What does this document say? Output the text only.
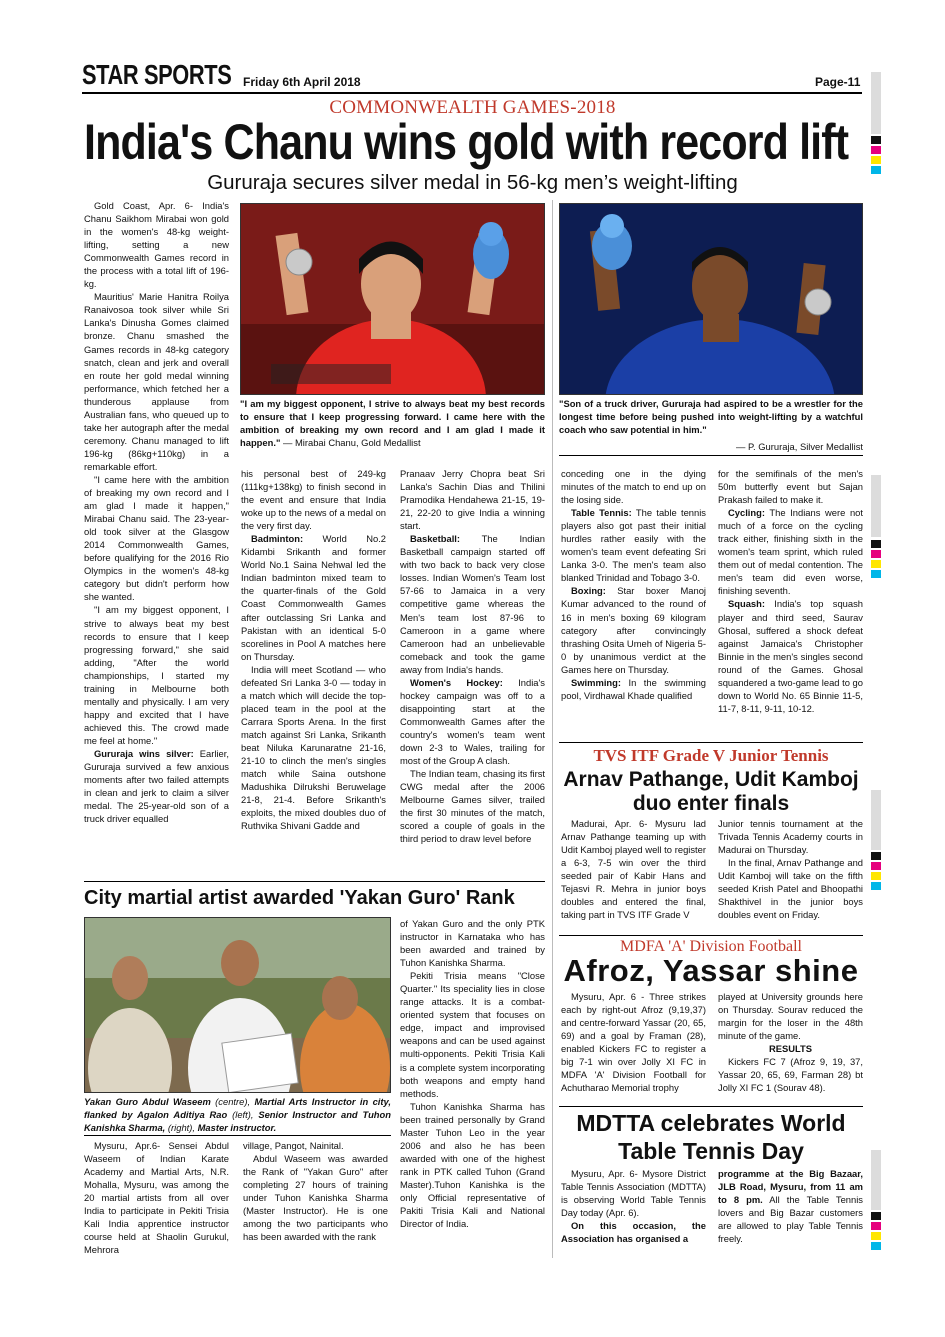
STAR SPORTS Friday 6th April 2018	Page-11
COMMONWEALTH GAMES-2018
India's Chanu wins gold with record lift
Gururaja secures silver medal in 56-kg men’s weight-lifting

Gold Coast, Apr. 6- India's Chanu Saikhom Mirabai won gold in the women's 48-kg weight-lifting, setting a new Commonwealth Games record in the process with a total lift of 196-kg.

Mauritius' Marie Hanitra Roilya Ranaivosoa took silver while Sri Lanka's Dinusha Gomes claimed bronze. Chanu smashed the Games records in 48-kg category snatch, clean and jerk and overall en route her gold medal winning performance, which fetched her a thunderous applause from Australian fans, who queued up to take her autograph after the medal ceremony. Chanu managed to lift 196-kg (86kg+110kg) in a remarkable effort.

"I came here with the ambition of breaking my own record and I am glad I made it happen," Mirabai Chanu said. The 23-year-old took silver at the Glasgow 2014 Commonwealth Games, before qualifying for the 2016 Rio Olympics in the women's 48-kg category but didn't perform how she wanted.

"I am my biggest opponent, I strive to always beat my best records to ensure that I keep progressing forward," she said adding, "After the world championships, I started my training in Melbourne both mentally and physically. I am very happy and excited that I have achieved this. The crowd made me feel at home."

Gururaja wins silver: Earlier, Gururaja survived a few anxious moments after two failed attempts in clean and jerk to claim a silver medal. The 25-year-old son of a truck driver equalled

"I am my biggest opponent, I strive to always beat my best records to ensure that I keep progressing forward. I came here with the ambition of breaking my own record and I am glad I made it happen." — Mirabai Chanu, Gold Medallist
"Son of a truck driver, Gururaja had aspired to be a wrestler for the longest time before being pushed into weight-lifting by a watchful coach who saw potential in him."
— P. Gururaja, Silver Medallist

his personal best of 249-kg (111kg+138kg) to finish second in the event and ensure that India woke up to the news of a medal on the very first day.

Badminton: World No.2 Kidambi Srikanth and former World No.1 Saina Nehwal led the Indian badminton mixed team to the quarter-finals of the Gold Coast Commonwealth Games after outclassing Sri Lanka and Pakistan with an identical 5-0 scorelines in Pool A matches here on Thursday.

India will meet Scotland — who defeated Sri Lanka 3-0 — today in a match which will decide the top-placed team in the pool at the Carrara Sports Arena. In the first match against Sri Lanka, Srikanth beat Niluka Karunaratne 21-16, 21-10 to clinch the men's singles match while Saina outshone Madushika Dilrukshi Beruwelage 21-8, 21-4. Before Srikanth's exploits, the mixed doubles duo of Ruthvika Shivani Gadde and

Pranaav Jerry Chopra beat Sri Lanka's Sachin Dias and Thilini Pramodika Hendahewa 21-15, 19-21, 22-20 to give India a winning start.

Basketball: The Indian Basketball campaign started off with two back to back very close losses. Indian Women's Team lost 57-66 to Jamaica in a very competitive game whereas the Men's team lost 87-96 to Cameroon in a game where Cameroon had an unbelievable comeback and took the game away from India's hands.

Women's Hockey: India's hockey campaign was off to a disappointing start at the Commonwealth Games after the country's women's team went down 2-3 to Wales, trailing for most of the Group A clash.

The Indian team, chasing its first CWG medal after the 2006 Melbourne Games silver, trailed the first 30 minutes of the match, scored a couple of goals in the third period to draw level before

conceding one in the dying minutes of the match to end up on the losing side.

Table Tennis: The table tennis players also got past their initial hurdles rather easily with the women's team event defeating Sri Lanka 3-0. The men's team also blanked Trinidad and Tobago 3-0.

Boxing: Star boxer Manoj Kumar advanced to the round of 16 in men's boxing 69 kilogram category after convincingly thrashing Osita Umeh of Nigeria 5-0 by unanimous verdict at the Games here on Thursday.

Swimming: In the swimming pool, Virdhawal Khade qualified

for the semifinals of the men's 50m butterfly event but Sajan Prakash failed to make it.

Cycling: The Indians were not much of a force on the cycling track either, finishing sixth in the women's team sprint, which ruled them out of medal contention. The men's team did even worse, finishing seventh.

Squash: India's top squash player and third seed, Saurav Ghosal, suffered a shock defeat against Jamaica's Christopher Binnie in the men's singles second round of the Games. Ghosal squandered a two-game lead to go down to World No. 65 Binnie 11-5, 11-7, 8-11, 9-11, 10-12.

TVS ITF Grade V Junior Tennis
Arnav Pathange, Udit Kamboj
duo enter finals

Madurai, Apr. 6- Mysuru lad Arnav Pathange teaming up with Udit Kamboj played well to register a 6-3, 7-5 win over the third seeded pair of Kabir Hans and Tejasvi R. Mehra in junior boys doubles and entered the final, taking part in TVS ITF Grade V

Junior tennis tournament at the Trivada Tennis Academy courts in Madurai on Thursday.

In the final, Arnav Pathange and Udit Kamboj will take on the fifth seeded Krish Patel and Bhoopathi Shakthivel in the junior boys doubles event on Friday.

City martial artist awarded 'Yakan Guro' Rank
Yakan Guro Abdul Waseem (centre), Martial Arts Instructor in city, flanked by Agalon Aditiya Rao (left), Senior Instructor and Tuhon Kanishka Sharma, (right), Master instructor.

Mysuru, Apr.6- Sensei Abdul Waseem of Indian Karate Academy and Martial Arts, N.R. Mohalla, Mysuru, was among the 20 martial artists from all over India to participate in Pekiti Trisia Kali India apprentice instructor course held at Shaolin Gurukul, Mehrora

village, Pangot, Nainital.

Abdul Waseem was awarded the Rank of "Yakan Guro" after completing 27 hours of training under Tuhon Kanishka Sharma (Master Instructor). He is one among the two participants who has been awarded with the rank

of Yakan Guro and the only PTK instructor in Karnataka who has been awarded and trained by Tuhon Kanishka Sharma.

Pekiti Trisia means "Close Quarter." Its speciality lies in close range attacks. It is a combat-oriented system that focuses on edge, impact and improvised weapons and can be used against multi-opponents. Pekiti Trisia Kali is a complete system incorporating both weapons and empty hand methods.

Tuhon Kanishka Sharma has been trained personally by Grand Master Tuhon Leo in the year 2006 and also he has been awarded with one of the highest rank in PTK called Tuhon (Grand Master).Tuhon Kanishka is the only Official representative of Pakiti Trisia Kali and National Director of India.

MDFA 'A' Division Football
Afroz, Yassar shine

Mysuru, Apr. 6 - Three strikes each by right-out Afroz (9,19,37) and centre-forward Yassar (20, 65, 69) and a goal by Framan (28), enabled Kickers FC to register a big 7-1 win over Jolly XI FC in MDFA 'A' Division Football for Achutharao Memorial trophy

played at University grounds here on Thursday. Sourav reduced the margin for the loser in the 48th minute of the game.

RESULTS

Kickers FC 7 (Afroz 9, 19, 37, Yassar 20, 65, 69, Farman 28) bt Jolly XI FC 1 (Sourav 48).

MDTTA celebrates World
Table Tennis Day

Mysuru, Apr. 6- Mysore District Table Tennis Association (MDTTA) is observing World Table Tennis Day today (Apr. 6).

On this occasion, the Association has organised a

programme at the Big Bazaar, JLB Road, Mysuru, from 11 am to 8 pm. All the Table Tennis lovers and Big Bazar customers are allowed to play Table Tennis freely.
